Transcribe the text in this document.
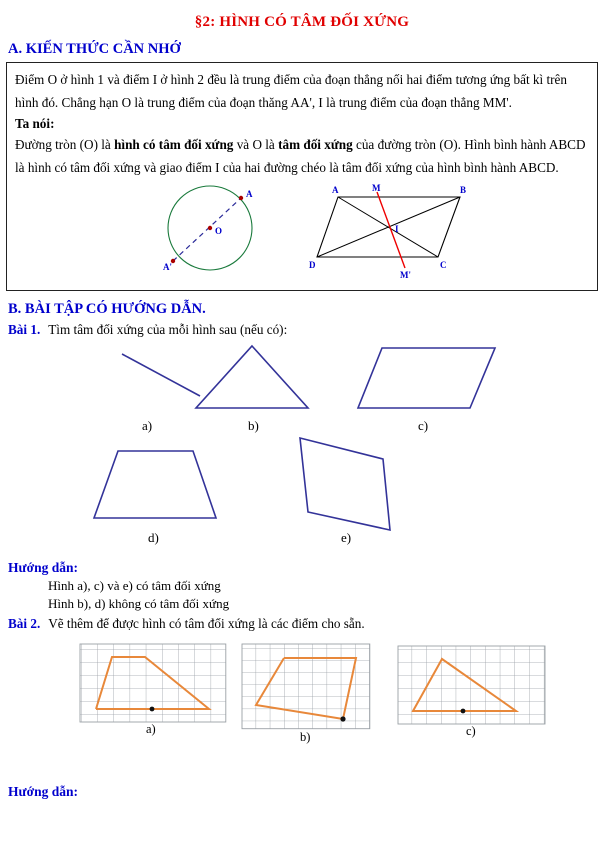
§2: HÌNH CÓ TÂM ĐỐI XỨNG
A. KIẾN THỨC CẦN NHỚ

Điểm O ở hình 1 và điểm I ở hình 2 đều là trung điểm của đoạn thẳng nối hai điểm tương ứng bất kì trên hình đó. Chẳng hạn O là trung điểm của đoạn thăng AA', I là trung điểm của đoạn thẳng MM'.

Ta nói:

Đường tròn (O) là hình có tâm đối xứng và O là tâm đối xứng của đường tròn (O). Hình bình hành ABCD là hình có tâm đối xứng và giao điểm I của hai đường chéo là tâm đối xứng của hình bình hành ABCD.

O
A
A'
A	B
C
D
I
M
M'
B. BÀI TẬP CÓ HƯỚNG DẪN.
Bài 1. Tìm tâm đối xứng của mỗi hình sau (nếu có):
a)	b)	c)
d)	e)
Hướng dẫn:
Hình a), c) và e) có tâm đối xứng
Hình b), d) không có tâm đối xứng
Bài 2. Vẽ thêm để được hình có tâm đối xứng là các điểm cho sẵn.
a)
b)	c)
Hướng dẫn:
